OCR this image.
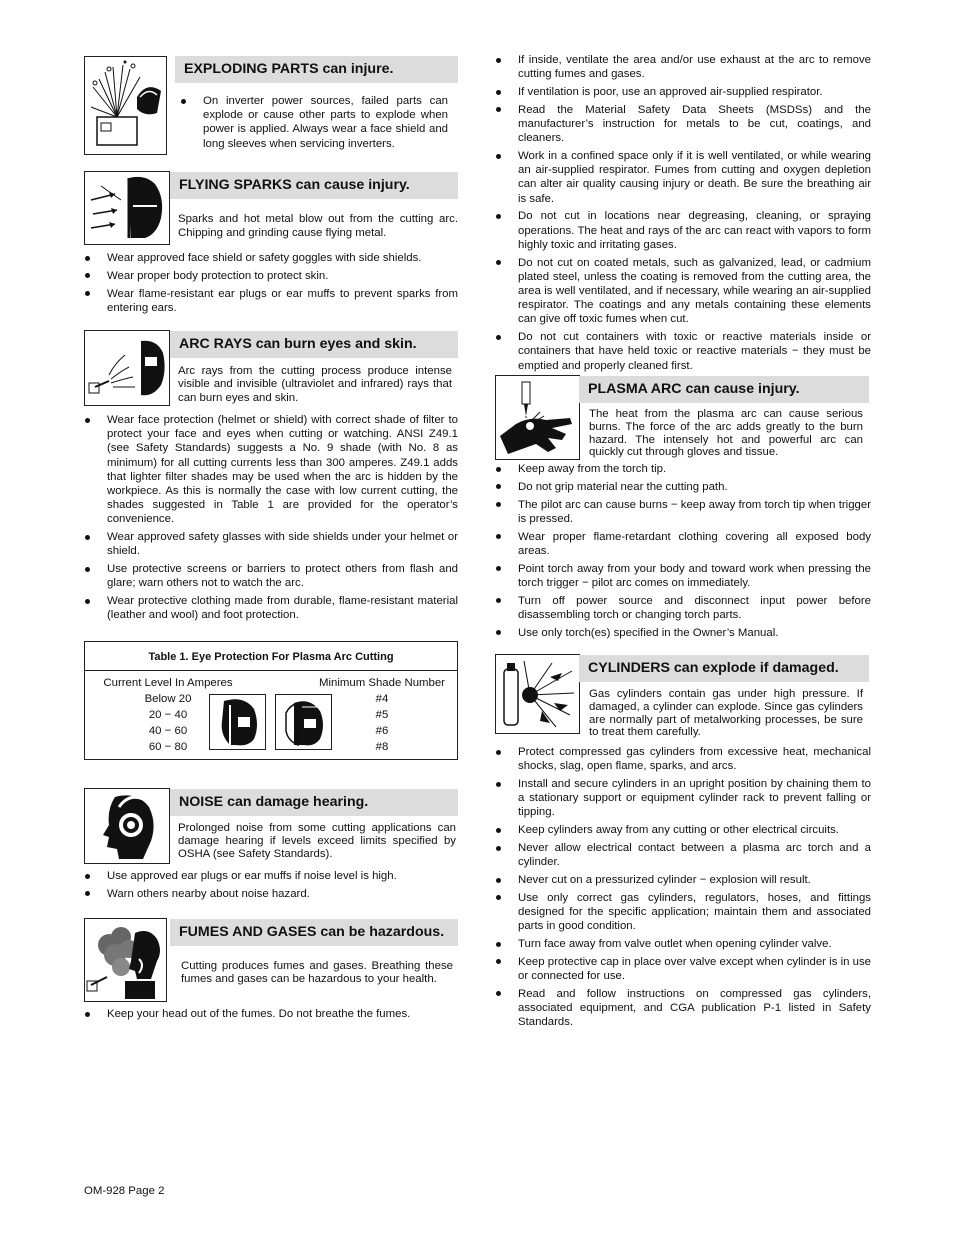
EXPLODING PARTS can injure.
On inverter power sources, failed parts can explode or cause other parts to explode when power is applied. Always wear a face shield and long sleeves when servicing inverters.
FLYING SPARKS can cause injury.
Sparks and hot metal blow out from the cutting arc. Chipping and grinding cause flying metal.
Wear approved face shield or safety goggles with side shields.
Wear proper body protection to protect skin.
Wear flame-resistant ear plugs or ear muffs to prevent sparks from entering ears.
ARC RAYS can burn eyes and skin.
Arc rays from the cutting process produce intense visible and invisible (ultraviolet and infrared) rays that can burn eyes and skin.
Wear face protection (helmet or shield) with correct shade of filter to protect your face and eyes when cutting or watching. ANSI Z49.1 (see Safety Standards) suggests a No. 9 shade (with No. 8 as minimum) for all cutting currents less than 300 amperes. Z49.1 adds that lighter filter shades may be used when the arc is hidden by the workpiece. As this is normally the case with low current cutting, the shades suggested in Table 1 are provided for the operator’s convenience.
Wear approved safety glasses with side shields under your helmet or shield.
Use protective screens or barriers to protect others from flash and glare; warn others not to watch the arc.
Wear protective clothing made from durable, flame-resistant material (leather and wool) and foot protection.
Table 1. Eye Protection For Plasma Arc Cutting
Current Level In Amperes
Below 20
20 − 40
40 − 60
60 − 80
Minimum Shade Number
#4
#5
#6
#8
NOISE can damage hearing.
Prolonged noise from some cutting applications can damage hearing if levels exceed limits specified by OSHA (see Safety Standards).
Use approved ear plugs or ear muffs if noise level is high.
Warn others nearby about noise hazard.
FUMES AND GASES can be hazardous.
Cutting produces fumes and gases. Breathing these fumes and gases can be hazardous to your health.
Keep your head out of the fumes. Do not breathe the fumes.
If inside, ventilate the area and/or use exhaust at the arc to remove cutting fumes and gases.
If ventilation is poor, use an approved air-supplied respirator.
Read the Material Safety Data Sheets (MSDSs) and the manufacturer’s instruction for metals to be cut, coatings, and cleaners.
Work in a confined space only if it is well ventilated, or while wearing an air-supplied respirator. Fumes from cutting and oxygen depletion can alter air quality causing injury or death. Be sure the breathing air is safe.
Do not cut in locations near degreasing, cleaning, or spraying operations. The heat and rays of the arc can react with vapors to form highly toxic and irritating gases.
Do not cut on coated metals, such as galvanized, lead, or cadmium plated steel, unless the coating is removed from the cutting area, the area is well ventilated, and if necessary, while wearing an air-supplied respirator. The coatings and any metals containing these elements can give off toxic fumes when cut.
Do not cut containers with toxic or reactive materials inside or containers that have held toxic or reactive materials − they must be emptied and properly cleaned first.
PLASMA ARC can cause injury.
The heat from the plasma arc can cause serious burns. The force of the arc adds greatly to the burn hazard. The intensely hot and powerful arc can quickly cut through gloves and tissue.
Keep away from the torch tip.
Do not grip material near the cutting path.
The pilot arc can cause burns − keep away from torch tip when trigger is pressed.
Wear proper flame-retardant clothing covering all exposed body areas.
Point torch away from your body and toward work when pressing the torch trigger − pilot arc comes on immediately.
Turn off power source and disconnect input power before disassembling torch or changing torch parts.
Use only torch(es) specified in the Owner’s Manual.
CYLINDERS can explode if damaged.
Gas cylinders contain gas under high pressure. If damaged, a cylinder can explode. Since gas cylinders are normally part of metalworking processes, be sure to treat them carefully.
Protect compressed gas cylinders from excessive heat, mechanical shocks, slag, open flame, sparks, and arcs.
Install and secure cylinders in an upright position by chaining them to a stationary support or equipment cylinder rack to prevent falling or tipping.
Keep cylinders away from any cutting or other electrical circuits.
Never allow electrical contact between a plasma arc torch and a cylinder.
Never cut on a pressurized cylinder − explosion will result.
Use only correct gas cylinders, regulators, hoses, and fittings designed for the specific application; maintain them and associated parts in good condition.
Turn face away from valve outlet when opening cylinder valve.
Keep protective cap in place over valve except when cylinder is in use or connected for use.
Read and follow instructions on compressed gas cylinders, associated equipment, and CGA publication P-1 listed in Safety Standards.
OM-928 Page 2
